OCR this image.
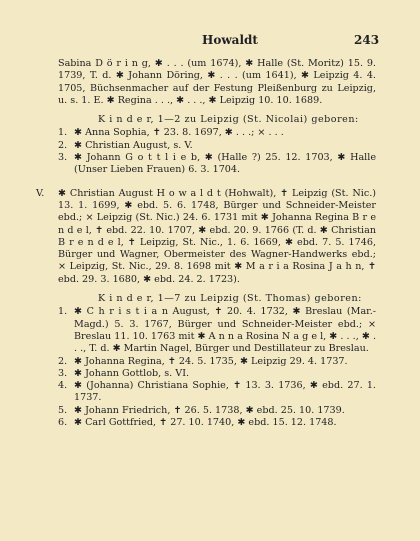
Howaldt	243

Sabina D ö r i n g, ✱ . . . (um 1674), ✱ Halle (St. Moritz) 15. 9. 1739, T. d. ✱ Johann Döring, ✱ . . . (um 1641), ✱ Leipzig 4. 4. 1705, Büchsenmacher auf der Festung Pleißenburg zu Leipzig, u. s. 1. E. ✱ Regina . . ., ✱ . . ., ✱ Leipzig 10. 10. 1689.

K i n d e r, 1—2 zu Leipzig (St. Nicolai) geboren:

1. ✱ Anna Sophia, ✝ 23. 8. 1697, ✱ . . .; × . . .
2. ✱ Christian August, s. V.
3. ✱ Johann G o t t l i e b, ✱ (Halle ?) 25. 12. 1703, ✱ Halle (Unser Lieben Frauen) 6. 3. 1704.
V. ✱ Christian August H o w a l d t (Hohwalt), ✝ Leipzig (St. Nic.) 13. 1. 1699, ✱ ebd. 5. 6. 1748, Bürger und Schneider-Meister ebd.; × Leipzig (St. Nic.) 24. 6. 1731 mit ✱ Johanna Regina B r e n d e l, ✝ ebd. 22. 10. 1707, ✱ ebd. 20. 9. 1766 (T. d. ✱ Christian B r e n d e l, ✝ Leipzig, St. Nic., 1. 6. 1669, ✱ ebd. 7. 5. 1746, Bürger und Wagner, Obermeister des Wagner-Handwerks ebd.; × Leipzig, St. Nic., 29. 8. 1698 mit ✱ M a r i a Rosina J a h n, ✝ ebd. 29. 3. 1680, ✱ ebd. 24. 2. 1723).

K i n d e r, 1—7 zu Leipzig (St. Thomas) geboren:

1. ✱ C h r i s t i a n August, ✝ 20. 4. 1732, ✱ Breslau (Mar.-Magd.) 5. 3. 1767, Bürger und Schneider-Meister ebd.; × Breslau 11. 10. 1763 mit ✱ A n n a Rosina N a g e l, ✱ . . ., ✱ . . ., T. d. ✱ Martin Nagel, Bürger und Destillateur zu Breslau.
2. ✱ Johanna Regina, ✝ 24. 5. 1735, ✱ Leipzig 29. 4. 1737.
3. ✱ Johann Gottlob, s. VI.
4. ✱ (Johanna) Christiana Sophie, ✝ 13. 3. 1736, ✱ ebd. 27. 1. 1737.
5. ✱ Johann Friedrich, ✝ 26. 5. 1738, ✱ ebd. 25. 10. 1739.
6. ✱ Carl Gottfried, ✝ 27. 10. 1740, ✱ ebd. 15. 12. 1748.
